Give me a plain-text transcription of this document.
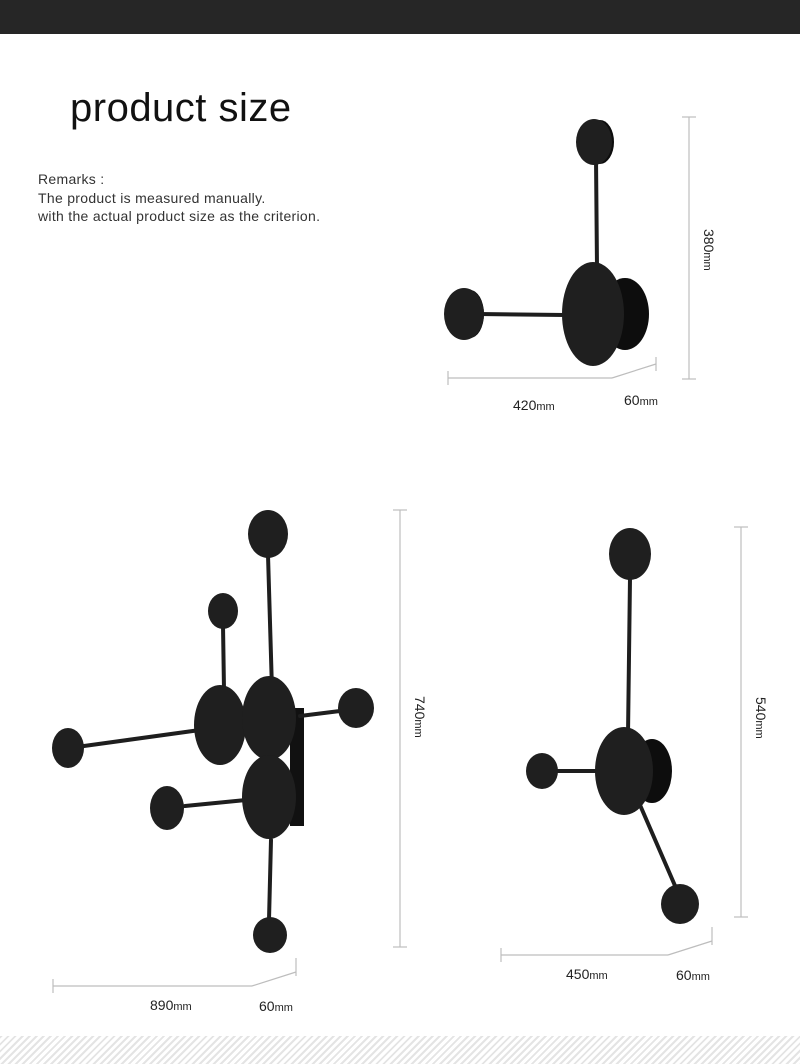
product size
Remarks :
The product is measured manually.
with the actual product size as the criterion.
380mm
420mm	60mm
740mm
890mm	60mm
540mm
450mm	60mm
